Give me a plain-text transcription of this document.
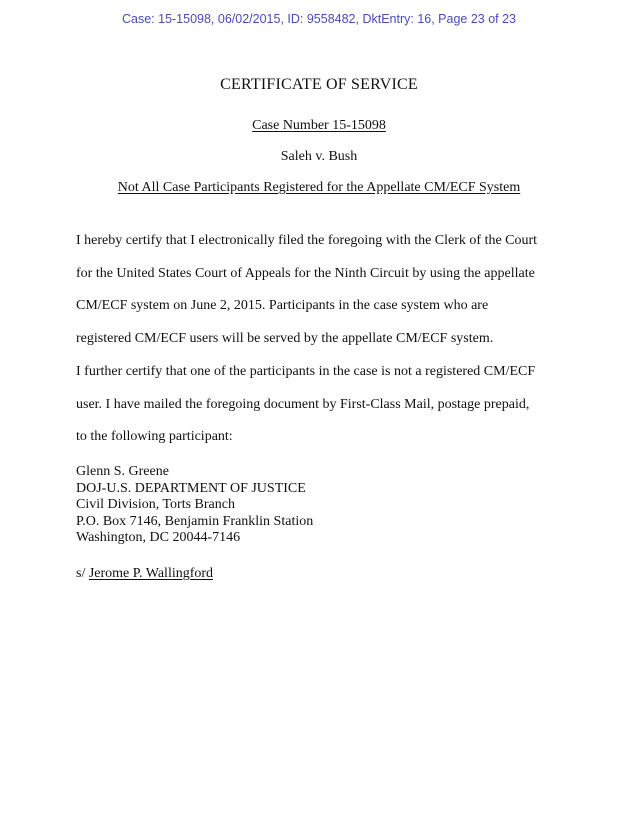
Case: 15-15098, 06/02/2015, ID: 9558482, DktEntry: 16, Page 23 of 23
CERTIFICATE OF SERVICE
Case Number 15-15098
Saleh v. Bush
Not All Case Participants Registered for the Appellate CM/ECF System
I hereby certify that I electronically filed the foregoing with the Clerk of the Court
for the United States Court of Appeals for the Ninth Circuit by using the appellate
CM/ECF system on June 2, 2015. Participants in the case system who are
registered CM/ECF users will be served by the appellate CM/ECF system.
I further certify that one of the participants in the case is not a registered CM/ECF
user. I have mailed the foregoing document by First-Class Mail, postage prepaid,
to the following participant:
Glenn S. Greene
DOJ-U.S. DEPARTMENT OF JUSTICE
Civil Division, Torts Branch
P.O. Box 7146, Benjamin Franklin Station
Washington, DC 20044-7146
s/ Jerome P. Wallingford
